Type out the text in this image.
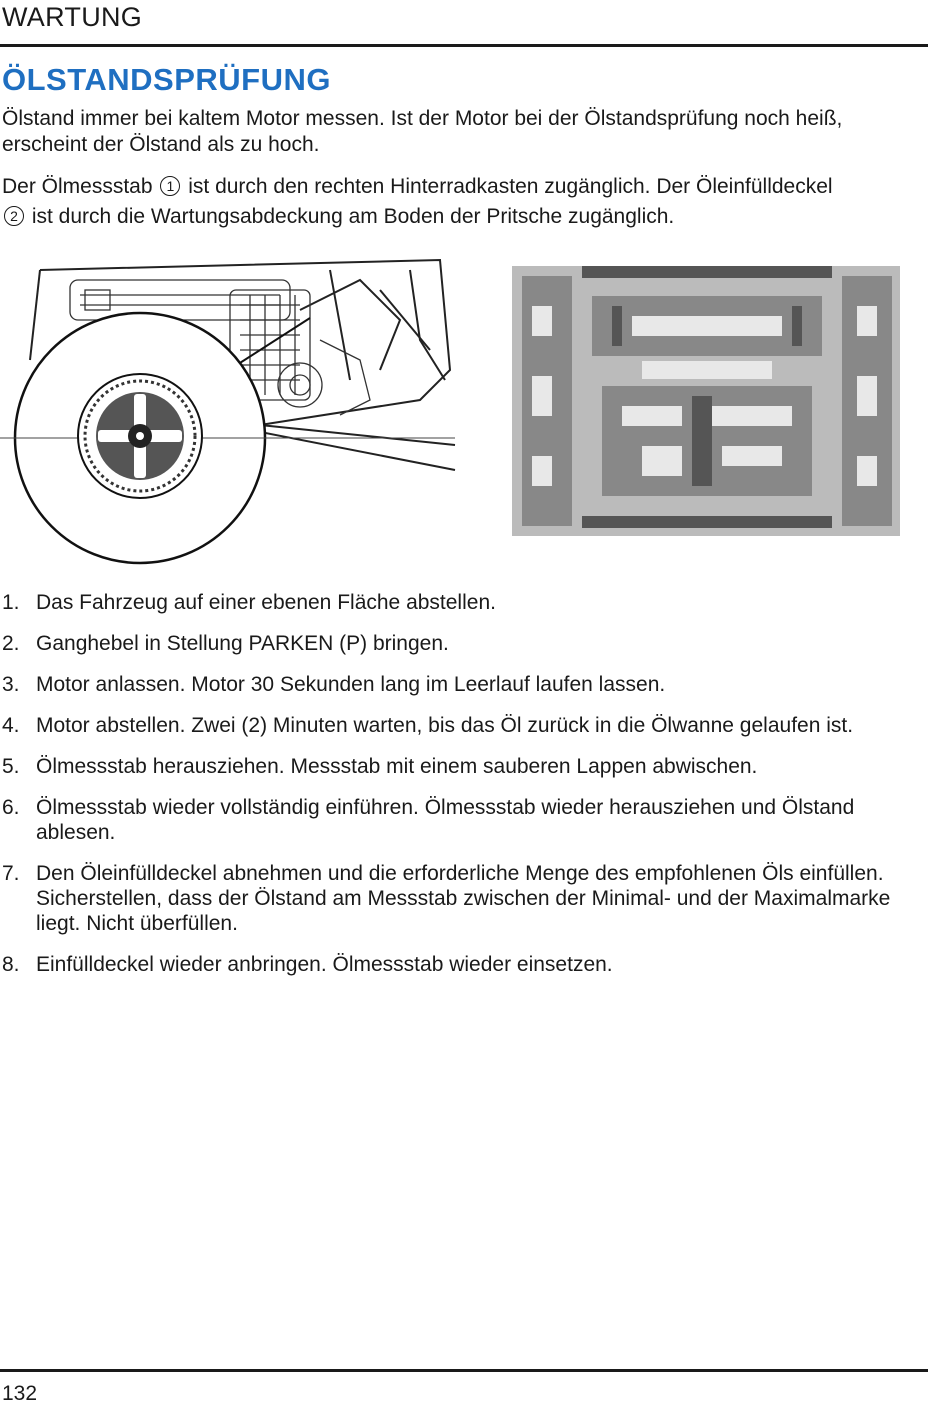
WARTUNG
ÖLSTANDSPRÜFUNG
Ölstand immer bei kaltem Motor messen. Ist der Motor bei der Ölstandsprüfung noch heiß, erscheint der Ölstand als zu hoch.
Der Ölmessstab 1 ist durch den rechten Hinterradkasten zugänglich. Der Öleinfülldeckel
2 ist durch die Wartungsabdeckung am Boden der Pritsche zugänglich.
1. Das Fahrzeug auf einer ebenen Fläche abstellen.
2. Ganghebel in Stellung PARKEN (P) bringen.
3. Motor anlassen. Motor 30 Sekunden lang im Leerlauf laufen lassen.
4. Motor abstellen. Zwei (2) Minuten warten, bis das Öl zurück in die Ölwanne gelaufen ist.
5. Ölmessstab herausziehen. Messstab mit einem sauberen Lappen abwischen.
6. Ölmessstab wieder vollständig einführen. Ölmessstab wieder herausziehen und Ölstand ablesen.
7. Den Öleinfülldeckel abnehmen und die erforderliche Menge des empfohlenen Öls einfüllen. Sicherstellen, dass der Ölstand am Messstab zwischen der Minimal- und der Maximalmarke liegt. Nicht überfüllen.
8. Einfülldeckel wieder anbringen. Ölmessstab wieder einsetzen.
132
